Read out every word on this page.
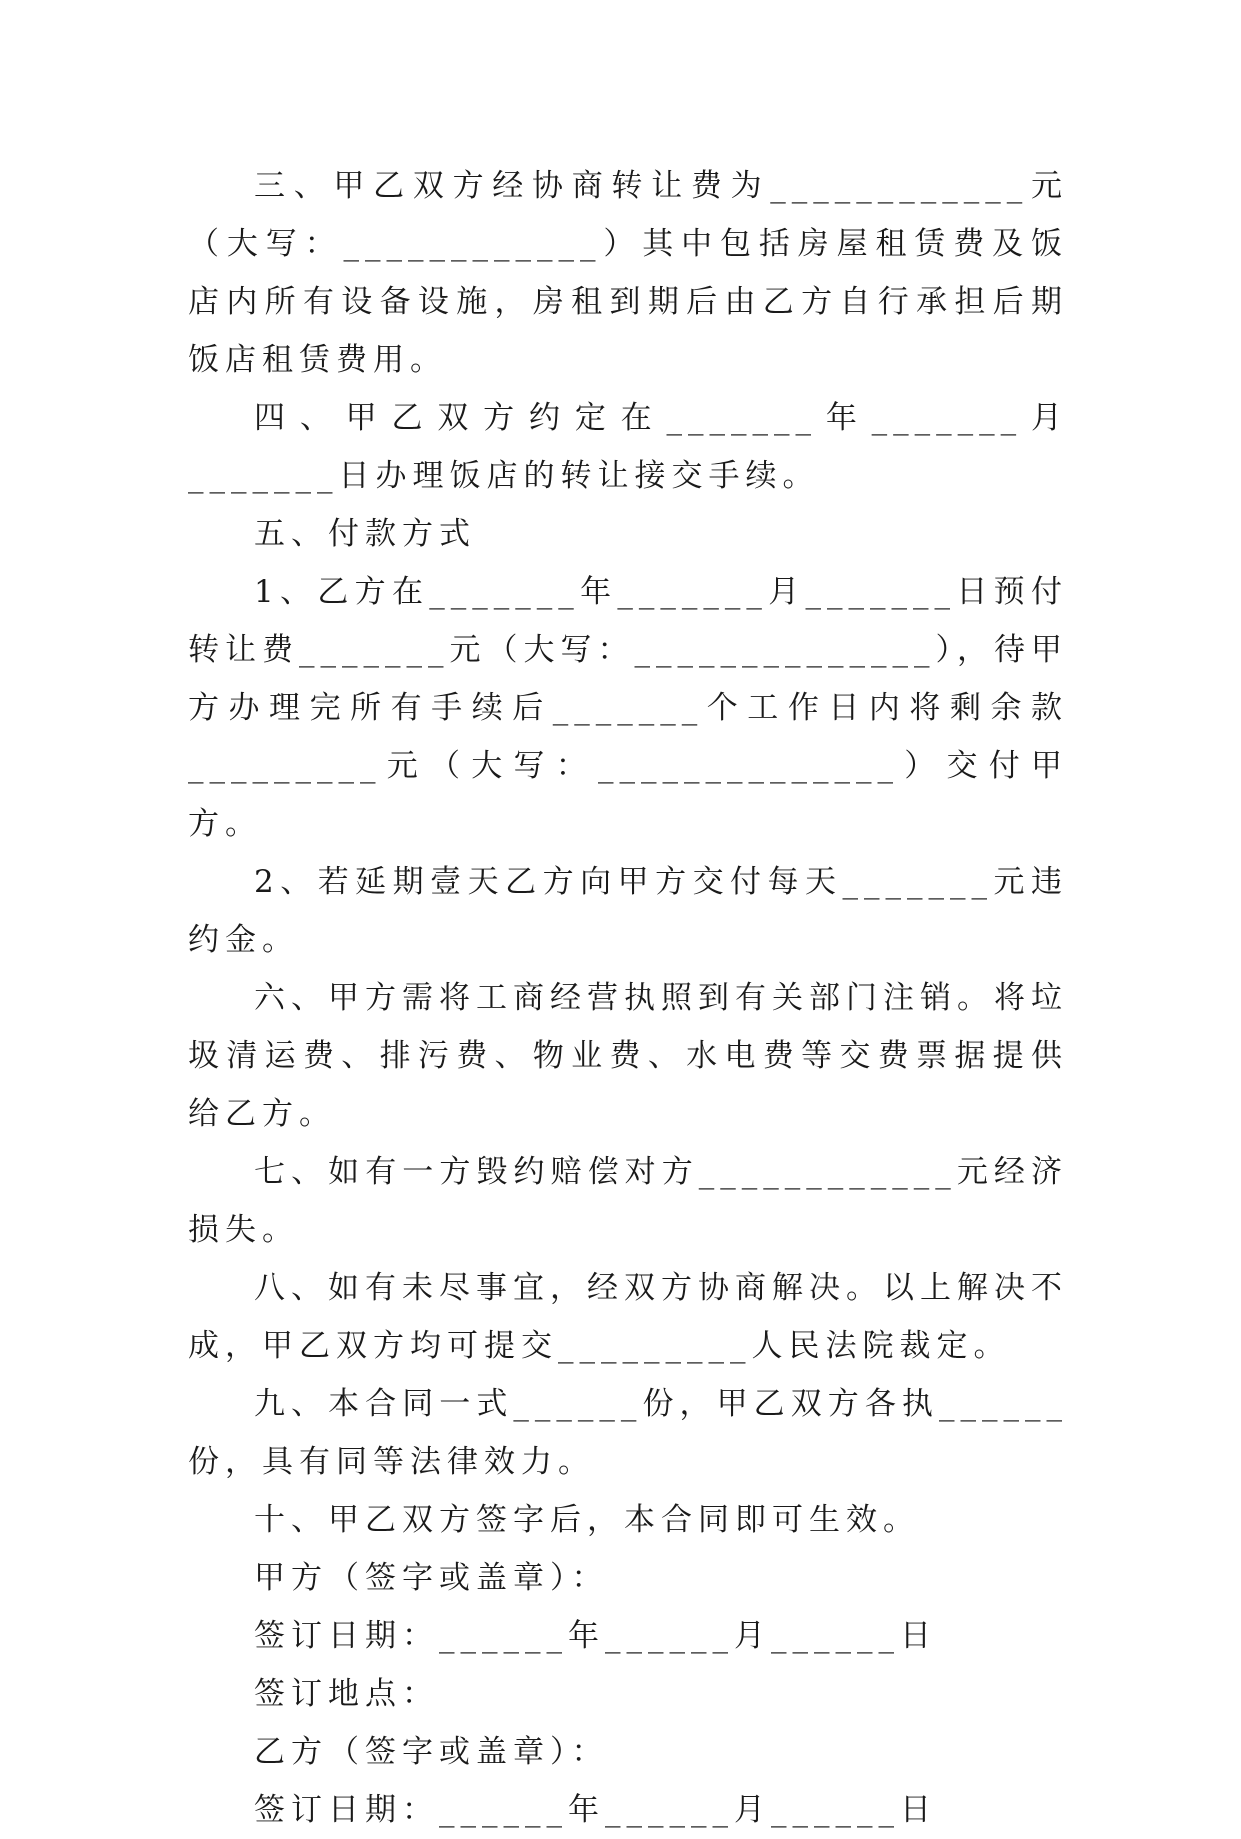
三、甲乙双方经协商转让费为____________元（大写：____________）其中包括房屋租赁费及饭店内所有设备设施，房租到期后由乙方自行承担后期饭店租赁费用。

四、甲乙双方约定在_______年_______月_______日办理饭店的转让接交手续。

五、付款方式

1、乙方在_______年_______月_______日预付转让费_______元（大写：______________），待甲方办理完所有手续后_______个工作日内将剩余款_________元（大写：______________）交付甲方。

2、若延期壹天乙方向甲方交付每天_______元违约金。

六、甲方需将工商经营执照到有关部门注销。将垃圾清运费、排污费、物业费、水电费等交费票据提供给乙方。

七、如有一方毁约赔偿对方____________元经济损失。

八、如有未尽事宜，经双方协商解决。以上解决不成，甲乙双方均可提交_________人民法院裁定。

九、本合同一式______份，甲乙双方各执______份，具有同等法律效力。

十、甲乙双方签字后，本合同即可生效。

甲方（签字或盖章）：

签订日期：______年______月______日

签订地点：

乙方（签字或盖章）：

签订日期：______年______月______日
